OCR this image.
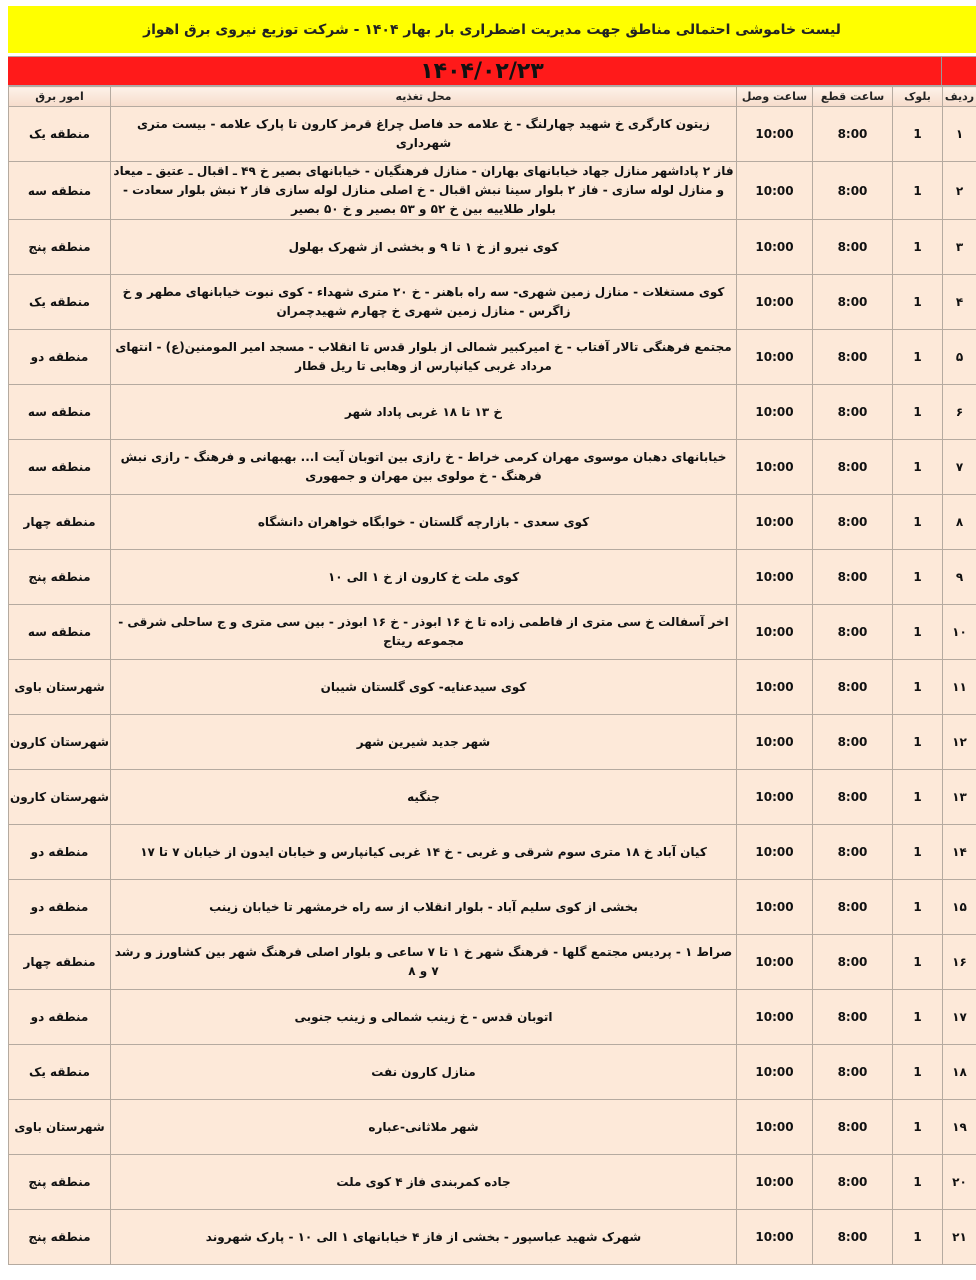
لیست خاموشی احتمالی مناطق جهت مدیریت اضطراری بار بهار ۱۴۰۴ - شرکت توزیع نیروی برق اهواز
۱۴۰۴/۰۲/۲۳
ردیف	بلوک	ساعت قطع	ساعت وصل	محل تغذیه	امور برق
۱	1	8:00	10:00	زیتون کارگری خ شهید چهارلنگ - خ علامه حد فاصل چراغ قرمز کارون تا پارک علامه - بیست متری شهرداری	منطقه یک
۲	1	8:00	10:00	فاز ۲ پاداشهر منازل جهاد خیابانهای بهاران - منازل فرهنگیان - خیابانهای بصیر خ ۴۹ ـ اقبال ـ عتیق ـ میعاد و منازل لوله سازی - فاز ۲ بلوار سینا نبش اقبال - خ اصلی منازل لوله سازی فاز ۲ نبش بلوار سعادت - بلوار طلاییه بین خ ۵۲ و ۵۳ بصیر و خ ۵۰ بصیر	منطقه سه
۳	1	8:00	10:00	کوی نیرو از خ ۱ تا ۹ و بخشی از شهرک بهلول	منطقه پنج
۴	1	8:00	10:00	کوی مستغلات - منازل زمین شهری- سه راه باهنر - خ ۲۰ متری شهداء - کوی نبوت خیابانهای مطهر و خ زاگرس - منازل زمین شهری خ چهارم شهیدچمران	منطقه یک
۵	1	8:00	10:00	مجتمع فرهنگی تالار آفتاب - خ امیرکبیر شمالی از بلوار قدس تا انقلاب - مسجد امیر المومنین(ع) - انتهای مرداد غربی کیانپارس از وهابی تا ریل قطار	منطقه دو
۶	1	8:00	10:00	خ ۱۳ تا ۱۸ غربی پاداد شهر	منطقه سه
۷	1	8:00	10:00	خیابانهای دهبان موسوی مهران کرمی خراط - خ رازی بین اتوبان آیت ا... بهبهانی و فرهنگ - رازی نبش فرهنگ - خ مولوی بین مهران و جمهوری	منطقه سه
۸	1	8:00	10:00	کوی سعدی - بازارچه گلستان - خوابگاه خواهران دانشگاه	منطقه چهار
۹	1	8:00	10:00	کوی ملت خ کارون از خ ۱ الی ۱۰	منطقه پنج
۱۰	1	8:00	10:00	اخر آسفالت خ سی متری از فاطمی زاده تا خ ۱۶ ابوذر - خ ۱۶ ابوذر - بین سی متری و ج ساحلی شرقی - مجموعه ریتاج	منطقه سه
۱۱	1	8:00	10:00	کوی سیدعنایه- کوی گلستان شیبان	شهرستان باوی
۱۲	1	8:00	10:00	شهر جدید شیرین شهر	شهرستان کارون
۱۳	1	8:00	10:00	جنگیه	شهرستان کارون
۱۴	1	8:00	10:00	کیان آباد خ ۱۸ متری سوم شرقی و غربی - خ ۱۴ غربی کیانپارس و خیابان ایدون از خیابان ۷ تا ۱۷	منطقه دو
۱۵	1	8:00	10:00	بخشی از کوی سلیم آباد - بلوار انقلاب از سه راه خرمشهر تا خیابان زینب	منطقه دو
۱۶	1	8:00	10:00	صراط ۱ - پردیس مجتمع گلها - فرهنگ شهر خ ۱ تا ۷ ساعی و بلوار اصلی فرهنگ شهر بین کشاورز و رشد ۷ و ۸	منطقه چهار
۱۷	1	8:00	10:00	اتوبان قدس - خ زینب شمالی و زینب جنوبی	منطقه دو
۱۸	1	8:00	10:00	منازل کارون نفت	منطقه یک
۱۹	1	8:00	10:00	شهر ملاثانی-عباره	شهرستان باوی
۲۰	1	8:00	10:00	جاده کمربندی فاز ۴ کوی ملت	منطقه پنج
۲۱	1	8:00	10:00	شهرک شهید عباسپور - بخشی از فاز ۴ خیابانهای ۱ الی ۱۰ - پارک شهروند	منطقه پنج
